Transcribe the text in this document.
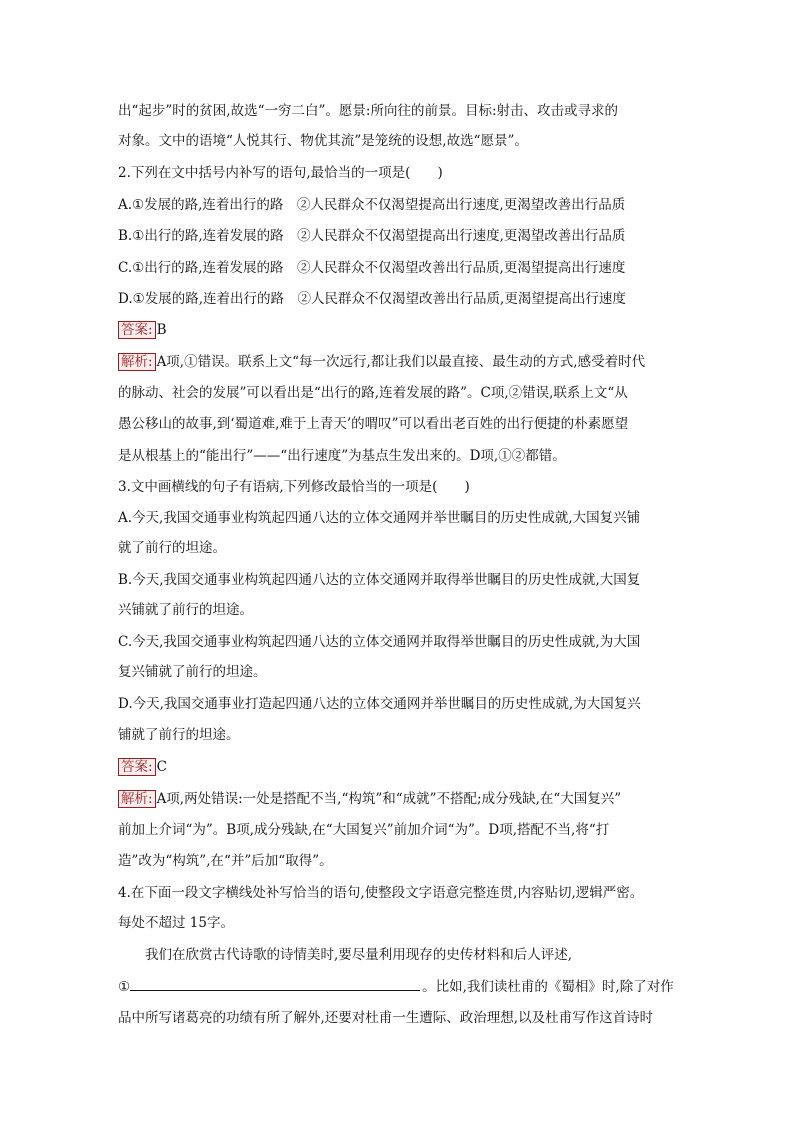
出“起步”时的贫困,故选“一穷二白”。愿景:所向往的前景。目标:射击、攻击或寻求的
对象。文中的语境“人悦其行、物优其流”是笼统的设想,故选“愿景”。
2.下列在文中括号内补写的语句,最恰当的一项是(　　)
A.①发展的路,连着出行的路　②人民群众不仅渴望提高出行速度,更渴望改善出行品质
B.①出行的路,连着发展的路　②人民群众不仅渴望提高出行速度,更渴望改善出行品质
C.①出行的路,连着发展的路　②人民群众不仅渴望改善出行品质,更渴望提高出行速度
D.①发展的路,连着出行的路　②人民群众不仅渴望改善出行品质,更渴望提高出行速度
答案: B
解析: A项,①错误。联系上文“每一次远行,都让我们以最直接、最生动的方式,感受着时代
的脉动、社会的发展”可以看出是“出行的路,连着发展的路”。C项,②错误,联系上文“从
愚公移山的故事,到‘蜀道难,难于上青天’的喟叹”可以看出老百姓的出行便捷的朴素愿望
是从根基上的“能出行”——“出行速度”为基点生发出来的。D项,①②都错。
3.文中画横线的句子有语病,下列修改最恰当的一项是(　　)
A.今天,我国交通事业构筑起四通八达的立体交通网并举世瞩目的历史性成就,大国复兴铺
就了前行的坦途。
B.今天,我国交通事业构筑起四通八达的立体交通网并取得举世瞩目的历史性成就,大国复
兴铺就了前行的坦途。
C.今天,我国交通事业构筑起四通八达的立体交通网并取得举世瞩目的历史性成就,为大国
复兴铺就了前行的坦途。
D.今天,我国交通事业打造起四通八达的立体交通网并举世瞩目的历史性成就,为大国复兴
铺就了前行的坦途。
答案: C
解析: A项,两处错误:一处是搭配不当,“构筑”和“成就”不搭配;成分残缺,在“大国复兴”
前加上介词“为”。B项,成分残缺,在“大国复兴”前加介词“为”。D项,搭配不当,将“打
造”改为“构筑”,在“并”后加“取得”。
4.在下面一段文字横线处补写恰当的语句,使整段文字语意完整连贯,内容贴切,逻辑严密。
每处不超过 15字。
　　我们在欣赏古代诗歌的诗情美时,要尽量利用现存的史传材料和后人评述,
①	。比如,我们读杜甫的《蜀相》时,除了对作
品中所写诸葛亮的功绩有所了解外,还要对杜甫一生遭际、政治理想,以及杜甫写作这首诗时
